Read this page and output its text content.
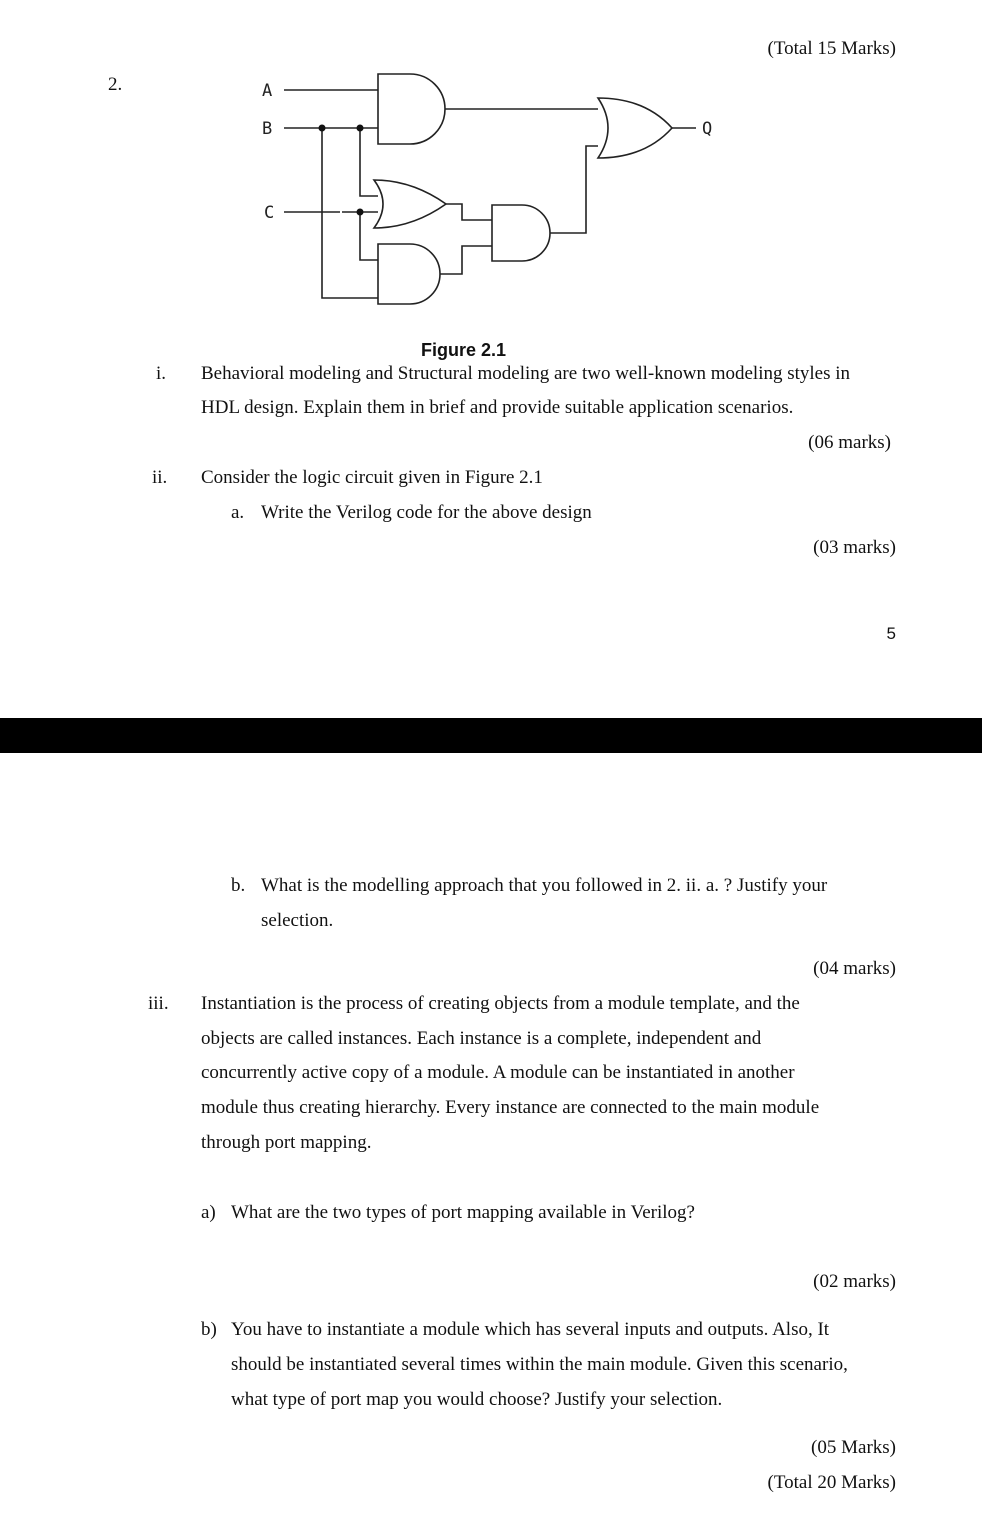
(Total 15 Marks)
2.	A
B
C
Q
Figure 2.1
i. Behavioral modeling and Structural modeling are two well-known modeling styles in
HDL design. Explain them in brief and provide suitable application scenarios.
(06 marks)
ii. Consider the logic circuit given in Figure 2.1
a. Write the Verilog code for the above design
(03 marks)
5
b. What is the modelling approach that you followed in 2. ii. a. ? Justify your
selection.
(04 marks)
iii. Instantiation is the process of creating objects from a module template, and the
objects are called instances. Each instance is a complete, independent and
concurrently active copy of a module. A module can be instantiated in another
module thus creating hierarchy. Every instance are connected to the main module
through port mapping.
a) What are the two types of port mapping available in Verilog?
(02 marks)
b) You have to instantiate a module which has several inputs and outputs. Also, It
should be instantiated several times within the main module. Given this scenario,
what type of port map you would choose? Justify your selection.
(05 Marks)
(Total 20 Marks)
